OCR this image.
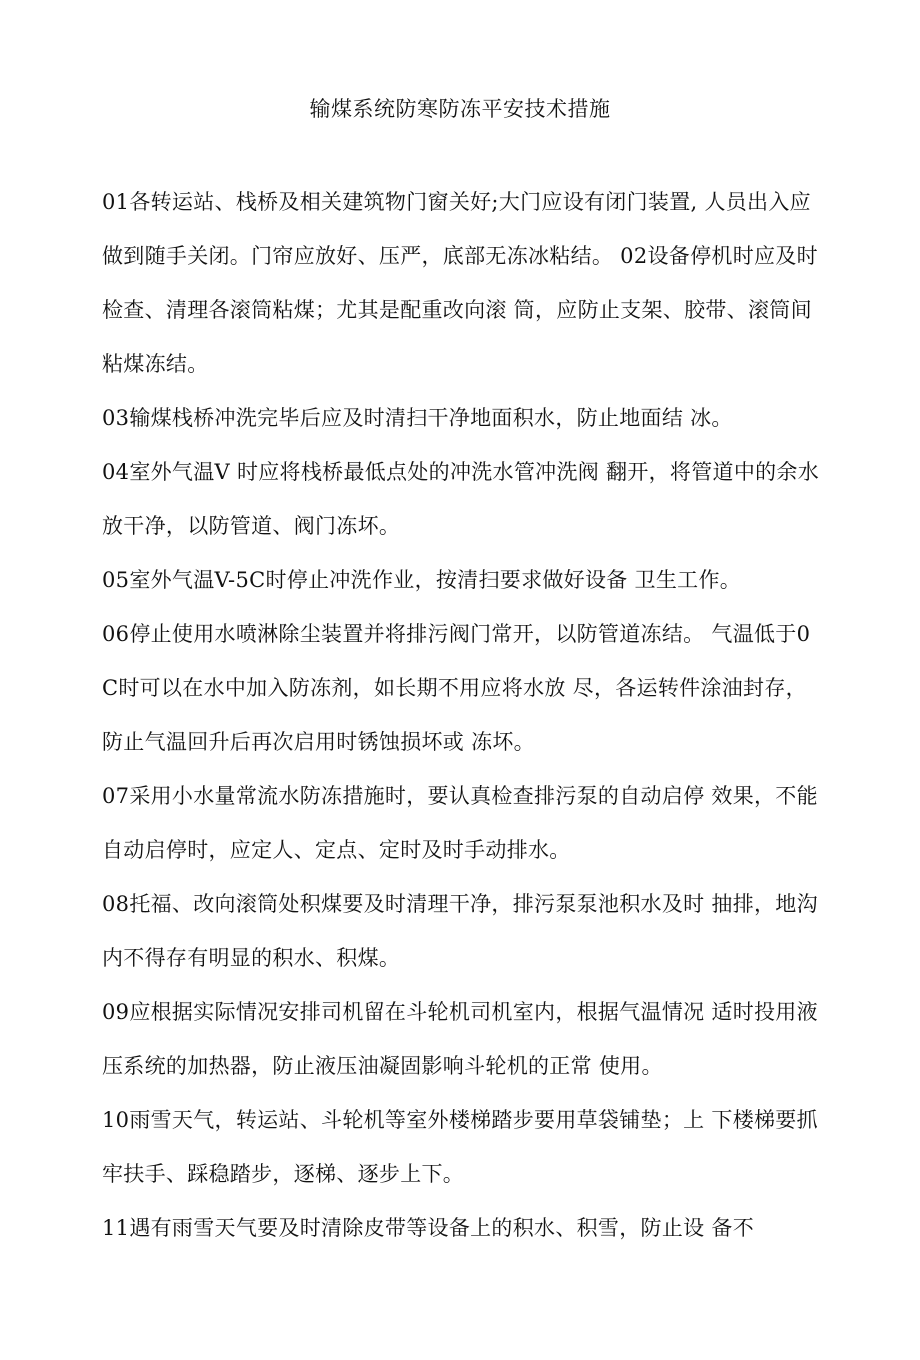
输煤系统防寒防冻平安技术措施

01各转运站、栈桥及相关建筑物门窗关好;大门应设有闭门装置, 人员出入应做到随手关闭。门帘应放好、压严，底部无冻冰粘结。 02设备停机时应及时检查、清理各滚筒粘煤；尤其是配重改向滚 筒，应防止支架、胶带、滚筒间粘煤冻结。

03输煤栈桥冲洗完毕后应及时清扫干净地面积水，防止地面结 冰。

04室外气温V 时应将栈桥最低点处的冲洗水管冲洗阀 翻开，将管道中的余水放干净，以防管道、阀门冻坏。

05室外气温V-5C时停止冲洗作业，按清扫要求做好设备 卫生工作。

06停止使用水喷淋除尘装置并将排污阀门常开，以防管道冻结。 气温低于0C时可以在水中加入防冻剂，如长期不用应将水放 尽，各运转件涂油封存，防止气温回升后再次启用时锈蚀损坏或 冻坏。

07采用小水量常流水防冻措施时，要认真检查排污泵的自动启停 效果，不能自动启停时，应定人、定点、定时及时手动排水。

08托福、改向滚筒处积煤要及时清理干净，排污泵泵池积水及时 抽排，地沟内不得存有明显的积水、积煤。

09应根据实际情况安排司机留在斗轮机司机室内，根据气温情况 适时投用液压系统的加热器，防止液压油凝固影响斗轮机的正常 使用。

10雨雪天气，转运站、斗轮机等室外楼梯踏步要用草袋铺垫；上 下楼梯要抓牢扶手、踩稳踏步，逐梯、逐步上下。

11遇有雨雪天气要及时清除皮带等设备上的积水、积雪，防止设 备不
